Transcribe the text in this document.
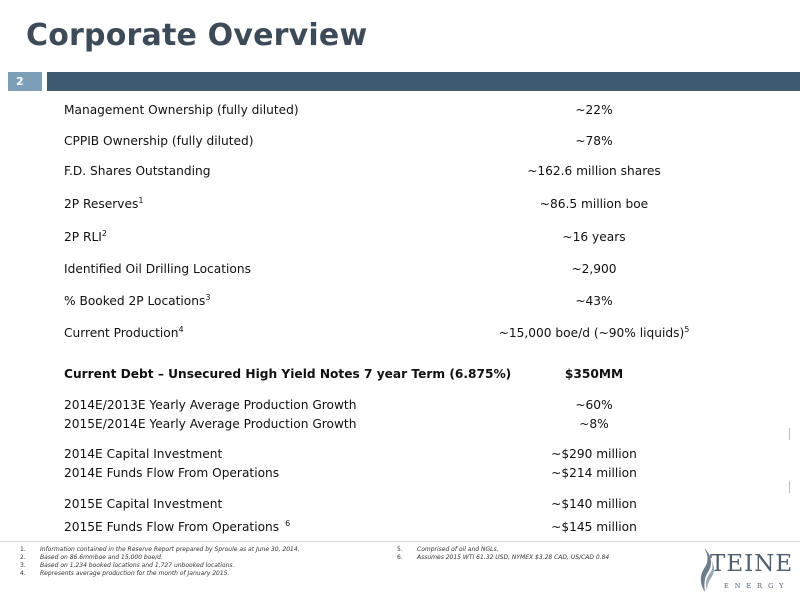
Corporate Overview
2
Management Ownership (fully diluted)	~22%
CPPIB Ownership (fully diluted)	~78%
F.D. Shares Outstanding	~162.6 million shares
2P Reserves$^1$	~86.5 million boe
2P RLI$^2$	~16 years
Identified Oil Drilling Locations	~2,900
% Booked 2P Locations$^3$	~43%
Current Production$^4$	~15,000 boe/d (~90% liquids)$^5$
Current Debt – Unsecured High Yield Notes 7 year Term (6.875%)	$350MM
2014E/2013E Yearly Average Production Growth	~60%
2015E/2014E Yearly Average Production Growth	~8%
2014E Capital Investment	~$290 million
2014E Funds Flow From Operations	~$214 million
2015E Capital Investment	~$140 million
2015E Funds Flow From Operations $^6$	~$145 million
1. Information contained in the Reserve Report prepared by Sproule as at June 30, 2014.
2. Based on 86.6mmboe and 15,000 boe/d.
3. Based on 1,234 booked locations and 1,727 unbooked locations.
4. Represents average production for the month of January 2015.
5. Comprised of oil and NGLs.
6. Assumes 2015 WTI 61.32 USD, NYMEX $3.28 CAD, US/CAD 0.84	TEINE
ENERGY
